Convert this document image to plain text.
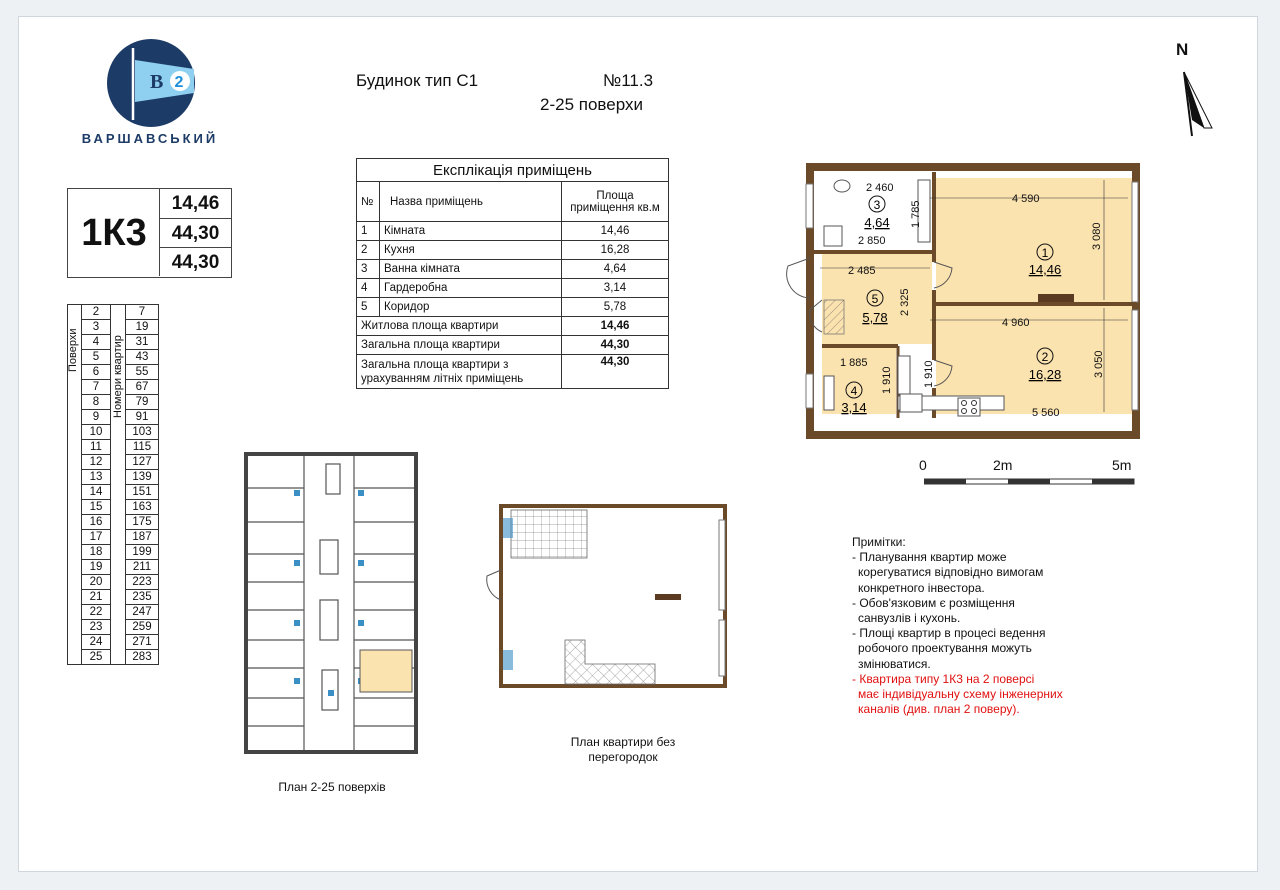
B 2
ВАРШАВСЬКИЙ
Будинок тип С1	№11.3
2-25 поверхи
N
1К3
14,46
44,30
44,30
Експлікація приміщень		
№	Назва приміщень	Площа приміщення кв.м
1	Кімната	14,46
2	Кухня	16,28
3	Ванна кімната	4,64
4	Гардеробна	3,14
5	Коридор	5,78
Житлова площа квартири		14,46
Загальна площа квартири		44,30
Загальна площа квартири з урахуванням літніх приміщень		44,30
	2		7
	3		19
	4		31
	5		43
	6		55
	7		67
	8		79
	9		91
	10		103
	11		115
	12		127
	13		139
	14		151
	15		163
	16		175
	17		187
	18		199
	19		211
	20		223
	21		235
	22		247
	23		259
	24		271
	25		283
Поверхи	Номери квартир
1
14,46
2
16,28
3
4,64
4
3,14
5
5,78
2 460
1 785
2 850
4 590
3 080
2 485
2 325
4 960
1 885
1 910	1 910	3 050
5 560
0	2m	5m
План 2-25 поверхів
План квартири без перегородок
Примітки:
- Планування квартир може
корегуватися відповідно вимогам
конкретного інвестора.
- Обов'язковим є розміщення
санвузлів і кухонь.
- Площі квартир в процесі ведення
робочого проектування можуть
змінюватися.
- Квартира типу 1К3 на 2 поверсі
має індивідуальну схему інженерних
каналів (див. план 2 поверу).
